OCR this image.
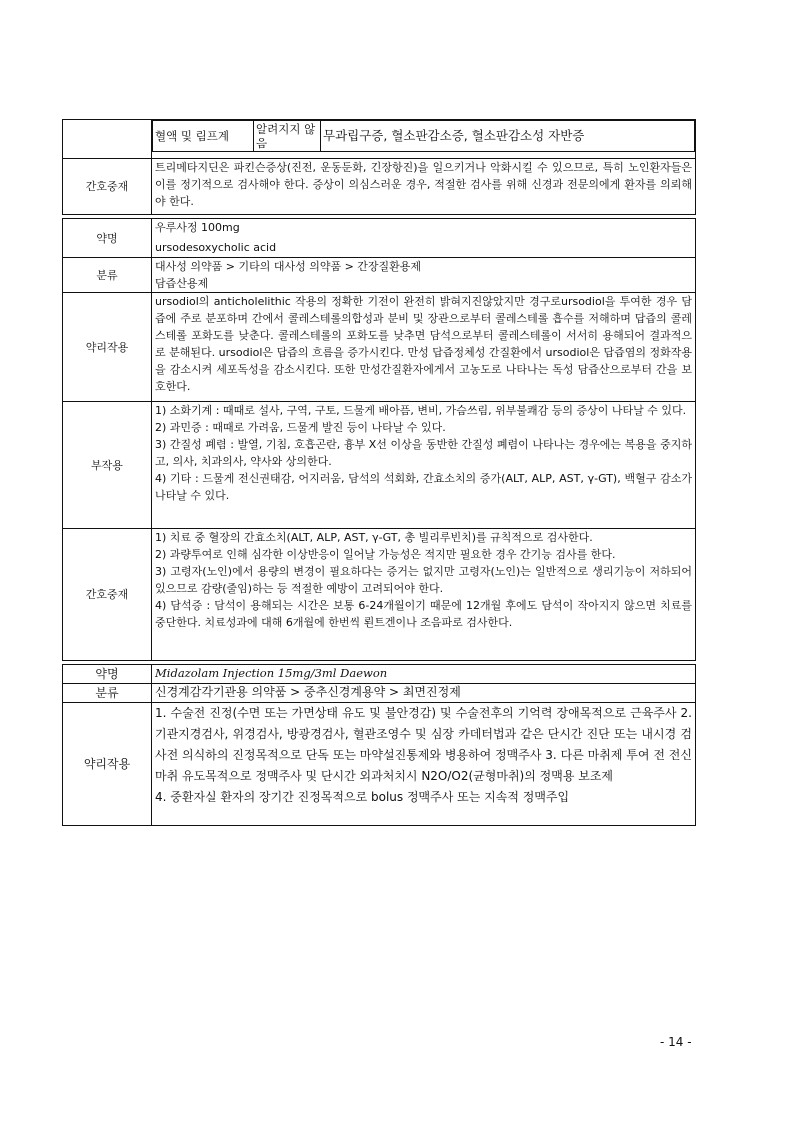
혈액 및 림프계	알려지지 않음	무과립구증, 혈소판감소증, 혈소판감소성 자반증

간호중재	트리메타지딘은 파킨슨증상(진전, 운동둔화, 긴장항진)을 일으키거나 악화시킬 수 있으므로, 특히 노인환자들은 이를 정기적으로 검사해야 한다. 증상이 의심스러운 경우, 적절한 검사를 위해 신경과 전문의에게 환자를 의뢰해야 한다.
약명	우루사정 100mg
ursodesoxycholic acid

분류	대사성 의약품 > 기타의 대사성 의약품 > 간장질환용제
담즙산용제

약리작용	ursodiol의 anticholelithic 작용의 정확한 기전이 완전히 밝혀지진않았지만 경구로ursodiol을 투여한 경우 담즙에 주로 분포하며 간에서 콜레스테롤의합성과 분비 및 장관으로부터 콜레스테롤 흡수를 저해하며 답즙의 콜레스테롤 포화도를 낮춘다. 콜레스테롤의 포화도를 낮추면 담석으로부터 콜레스테롤이 서서히 용해되어 결과적으로 분해된다. ursodiol은 답즙의 흐름을 증가시킨다. 만성 답즙정체성 간질환에서 ursodiol은 답즙염의 정화작용을 감소시켜 세포독성을 감소시킨다. 또한 만성간질환자에게서 고농도로 나타나는 독성 담즙산으로부터 간을 보호한다.
부작용	1) 소화기계 : 때때로 설사, 구역, 구토, 드물게 배아픔, 변비, 가슴쓰림, 위부불쾌감 등의 증상이 나타날 수 있다.
2) 과민증 : 때때로 가려움, 드물게 발진 등이 나타날 수 있다.
3) 간질성 폐렴 : 발열, 기침, 호흡곤란, 흉부 X선 이상을 동반한 간질성 폐렴이 나타나는 경우에는 복용을 중지하고, 의사, 치과의사, 약사와 상의한다.
4) 기타 : 드물게 전신권태감, 어지러움, 담석의 석회화, 간효소치의 증가(ALT, ALP, AST, γ-GT), 백혈구 감소가 나타날 수 있다.

간호중재	1) 치료 중 혈장의 간효소치(ALT, ALP, AST, γ-GT, 총 빌리루빈치)를 규칙적으로 검사한다.
2) 과량투여로 인해 심각한 이상반응이 일어날 가능성은 적지만 필요한 경우 간기능 검사를 한다.
3) 고령자(노인)에서 용량의 변경이 필요하다는 증거는 없지만 고령자(노인)는 일반적으로 생리기능이 저하되어 있으므로 감량(줄임)하는 등 적절한 예방이 고려되어야 한다.
4) 담석증 : 담석이 용해되는 시간은 보통 6-24개월이기 때문에 12개월 후에도 담석이 작아지지 않으면 치료를 중단한다. 치료성과에 대해 6개월에 한번씩 뢴트겐이나 조음파로 검사한다.
약명	Midazolam Injection 15mg/3ml Daewon
분류	신경계감각기관용 의약품 > 중추신경계용약 > 최면진정제
약리작용	1. 수술전 진정(수면 또는 가면상태 유도 및 불안경감) 및 수술전후의 기억력 장애목적으로 근육주사 2. 기관지경검사, 위경검사, 방광경검사, 혈관조영수 및 심장 카데터법과 같은 단시간 진단 또는 내시경 검사전 의식하의 진정목적으로 단독 또는 마약설진통제와 병용하여 정맥주사 3. 다른 마취제 투여 전 전신마취 유도목적으로 정맥주사 및 단시간 외과처치시 N2O/O2(균형마취)의 정맥용 보조제
4. 중환자실 환자의 장기간 진정목적으로 bolus 정맥주사 또는 지속적 정맥주입
- 14 -
